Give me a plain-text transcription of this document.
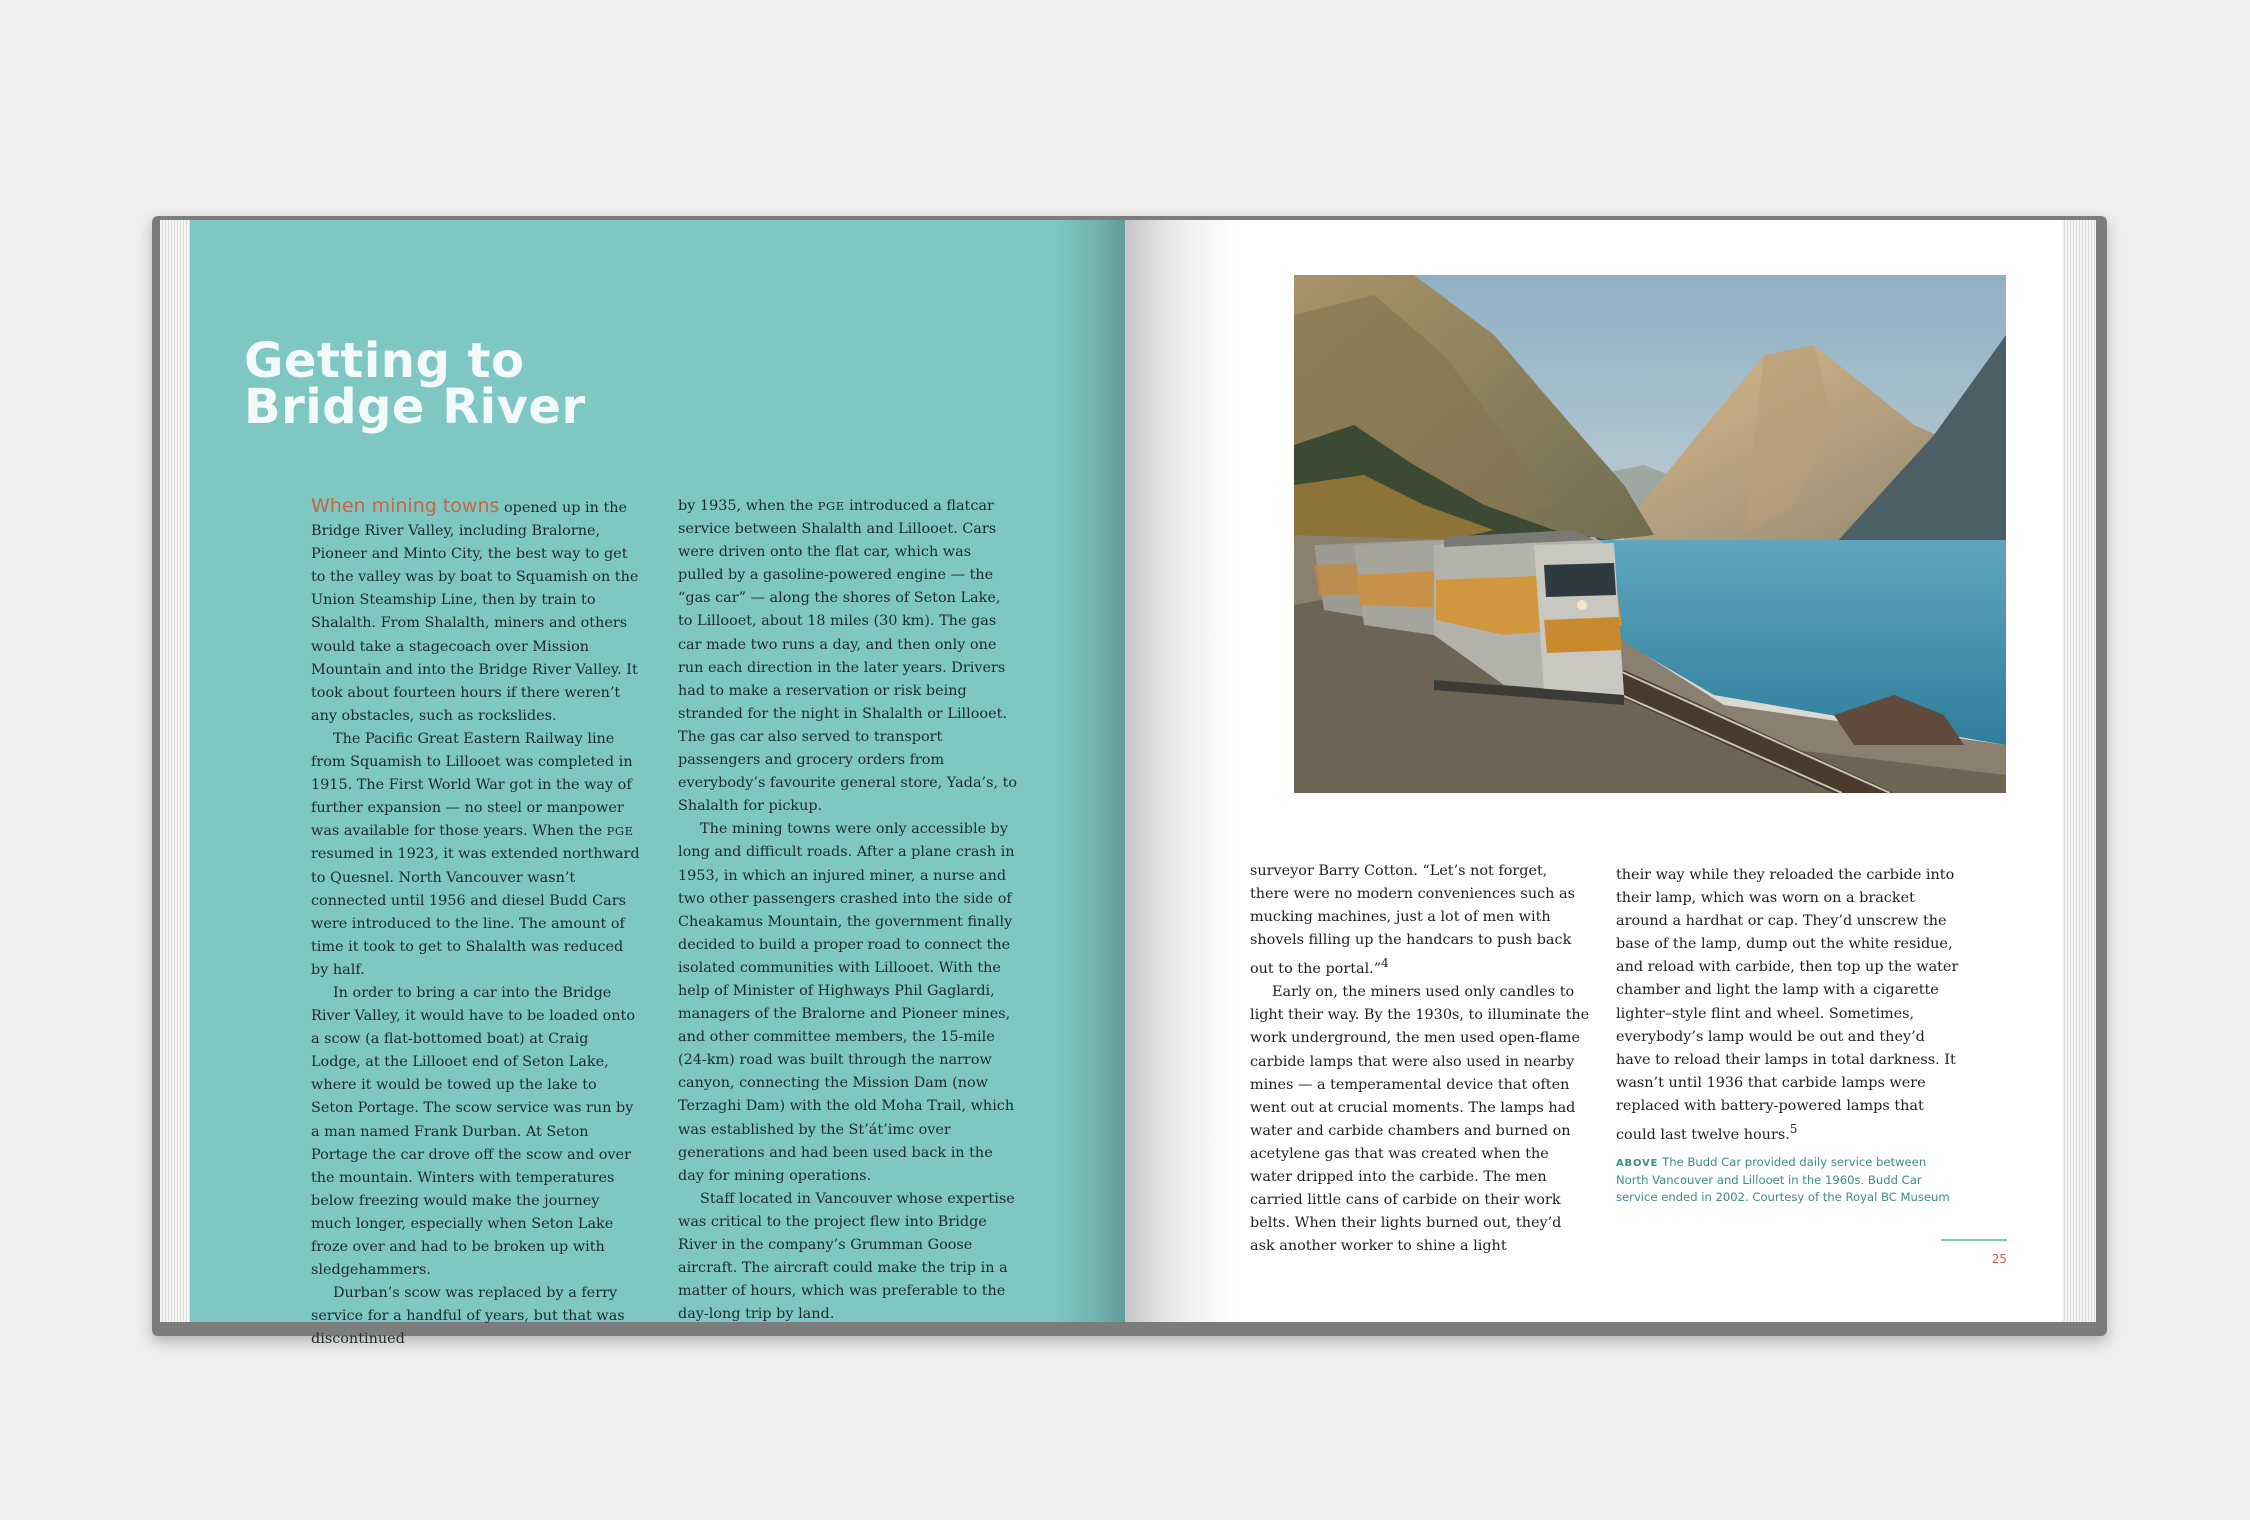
Getting to
Bridge River

When mining towns opened up in the Bridge River Valley, including Bralorne, Pioneer and Minto City, the best way to get to the valley was by boat to Squamish on the Union Steamship Line, then by train to Shalalth. From Shalalth, miners and others would take a stagecoach over Mission Mountain and into the Bridge River Valley. It took about fourteen hours if there weren’t any obstacles, such as rockslides.

The Pacific Great Eastern Railway line from Squamish to Lillooet was completed in 1915. The First World War got in the way of further expansion — no steel or manpower was available for those years. When the PGE resumed in 1923, it was extended northward to Quesnel. North Vancouver wasn’t connected until 1956 and diesel Budd Cars were introduced to the line. The amount of time it took to get to Shalalth was reduced by half.

In order to bring a car into the Bridge River Valley, it would have to be loaded onto a scow (a flat-bottomed boat) at Craig Lodge, at the Lillooet end of Seton Lake, where it would be towed up the lake to Seton Portage. The scow service was run by a man named Frank Durban. At Seton Portage the car drove off the scow and over the mountain. Winters with temperatures below freezing would make the journey much longer, especially when Seton Lake froze over and had to be broken up with sledgehammers.

Durban’s scow was replaced by a ferry service for a handful of years, but that was discontinued

by 1935, when the PGE introduced a flatcar service between Shalalth and Lillooet. Cars were driven onto the flat car, which was pulled by a gasoline-powered engine — the “gas car” — along the shores of Seton Lake, to Lillooet, about 18 miles (30 km). The gas car made two runs a day, and then only one run each direction in the later years. Drivers had to make a reservation or risk being stranded for the night in Shalalth or Lillooet. The gas car also served to transport passengers and grocery orders from everybody’s favourite general store, Yada’s, to Shalalth for pickup.

The mining towns were only accessible by long and difficult roads. After a plane crash in 1953, in which an injured miner, a nurse and two other passengers crashed into the side of Cheakamus Mountain, the government finally decided to build a proper road to connect the isolated communities with Lillooet. With the help of Minister of Highways Phil Gaglardi, managers of the Bralorne and Pioneer mines, and other committee members, the 15-mile (24-km) road was built through the narrow canyon, connecting the Mission Dam (now Terzaghi Dam) with the old Moha Trail, which was established by the St’át’imc over generations and had been used back in the day for mining operations.

Staff located in Vancouver whose expertise was critical to the project flew into Bridge River in the company’s Grumman Goose aircraft. The aircraft could make the trip in a matter of hours, which was preferable to the day-long trip by land.

surveyor Barry Cotton. “Let’s not forget, there were no modern conveniences such as mucking machines, just a lot of men with shovels filling up the handcars to push back out to the portal.”$^4$

Early on, the miners used only candles to light their way. By the 1930s, to illuminate the work underground, the men used open-flame carbide lamps that were also used in nearby mines — a temperamental device that often went out at crucial moments. The lamps had water and carbide chambers and burned on acetylene gas that was created when the water dripped into the carbide. The men carried little cans of carbide on their work belts. When their lights burned out, they’d ask another worker to shine a light

their way while they reloaded the carbide into their lamp, which was worn on a bracket around a hardhat or cap. They’d unscrew the base of the lamp, dump out the white residue, and reload with carbide, then top up the water chamber and light the lamp with a cigarette lighter–style flint and wheel. Sometimes, everybody’s lamp would be out and they’d have to reload their lamps in total darkness. It wasn’t until 1936 that carbide lamps were replaced with battery-powered lamps that could last twelve hours.$^5$

ABOVE The Budd Car provided daily service between North Vancouver and Lillooet in the 1960s. Budd Car service ended in 2002. Courtesy of the Royal BC Museum
25
